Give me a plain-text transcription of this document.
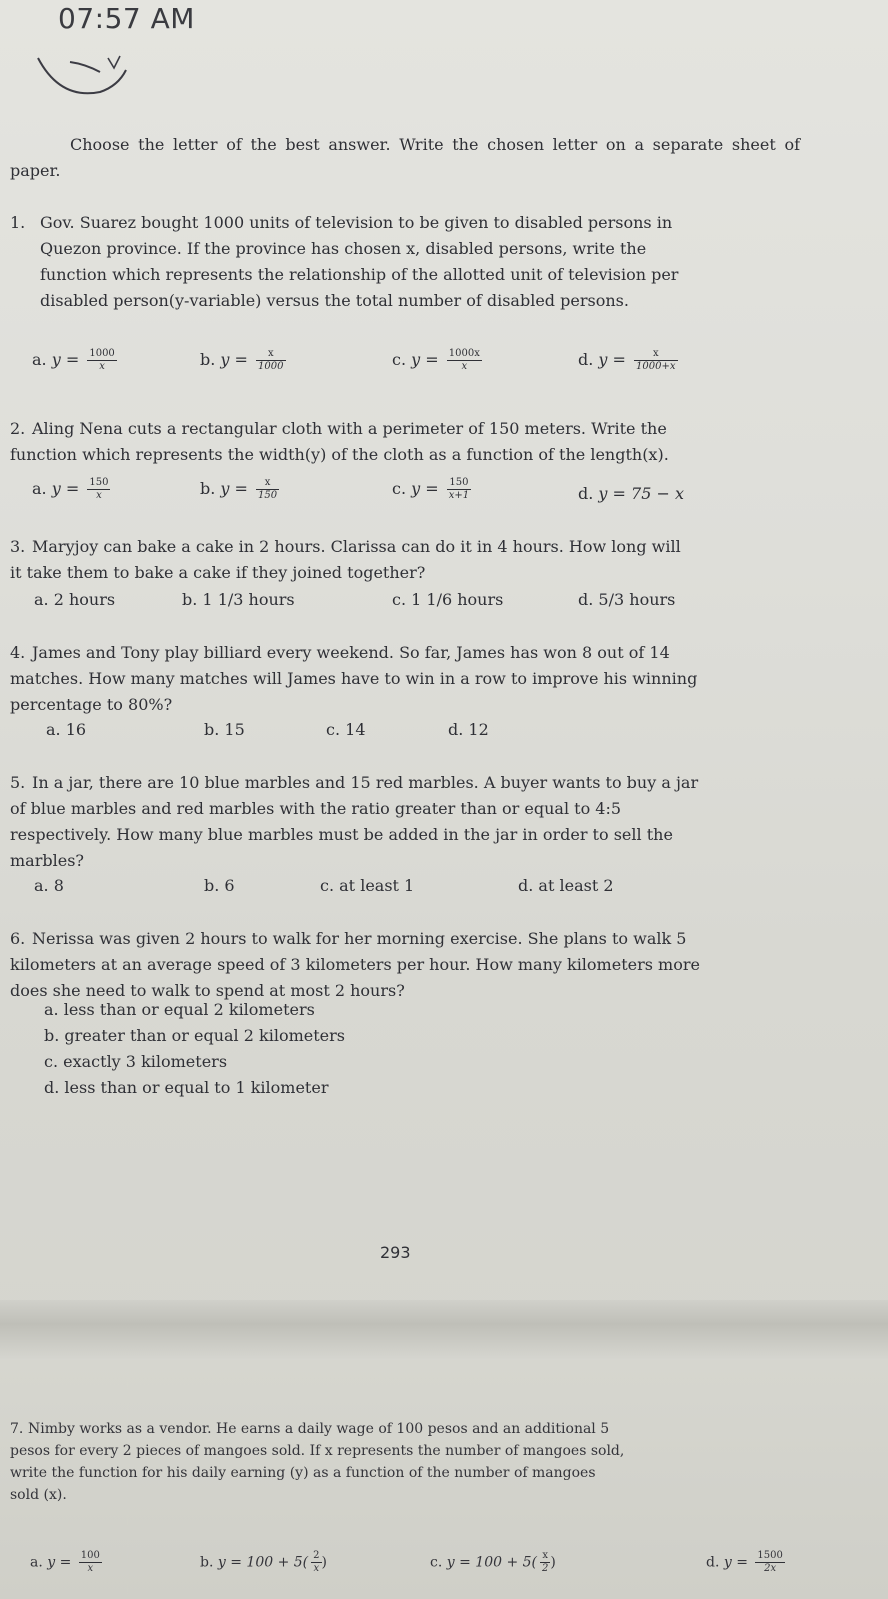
07:57 AM
Choose the letter of the best answer. Write the chosen letter on a separate sheet of paper.
1. Gov. Suarez bought 1000 units of television to be given to disabled persons in
Quezon province. If the province has chosen x, disabled persons, write the
function which represents the relationship of the allotted unit of television per
disabled person(y-variable) versus the total number of disabled persons.
a. $y = \frac{1000}{x}$	b. $y = \frac{x}{1000}$	c. $y = \frac{1000x}{x}$	d. $y = \frac{x}{1000+x}$
2. Aling Nena cuts a rectangular cloth with a perimeter of 150 meters. Write the
function which represents the width(y) of the cloth as a function of the length(x).
a. $y = \frac{150}{x}$	b. $y = \frac{x}{150}$	c. $y = \frac{150}{x+1}$	d. y = 75 − x
3. Maryjoy can bake a cake in 2 hours. Clarissa can do it in 4 hours. How long will
it take them to bake a cake if they joined together?
a. 2 hours	b. 1 1/3 hours	c. 1 1/6 hours	d. 5/3 hours
4. James and Tony play billiard every weekend. So far, James has won 8 out of 14
matches. How many matches will James have to win in a row to improve his winning
percentage to 80%?
a. 16	b. 15	c. 14	d. 12
5. In a jar, there are 10 blue marbles and 15 red marbles. A buyer wants to buy a jar
of blue marbles and red marbles with the ratio greater than or equal to 4:5
respectively. How many blue marbles must be added in the jar in order to sell the
marbles?
a. 8	b. 6	c. at least 1	d. at least 2
6. Nerissa was given 2 hours to walk for her morning exercise. She plans to walk 5
kilometers at an average speed of 3 kilometers per hour. How many kilometers more
does she need to walk to spend at most 2 hours?
a. less than or equal 2 kilometers
b. greater than or equal 2 kilometers
c. exactly 3 kilometers
d. less than or equal to 1 kilometer
293
7. Nimby works as a vendor. He earns a daily wage of 100 pesos and an additional 5
pesos for every 2 pieces of mangoes sold. If x represents the number of mangoes sold,
write the function for his daily earning (y) as a function of the number of mangoes
sold (x).
a. $y = \frac{100}{x}$	b. $y = 100 + 5( \frac{2}{x}$ )	c. $y = 100 + 5( \frac{x}{2}$ )	d. $y = \frac{1500}{2x}$
